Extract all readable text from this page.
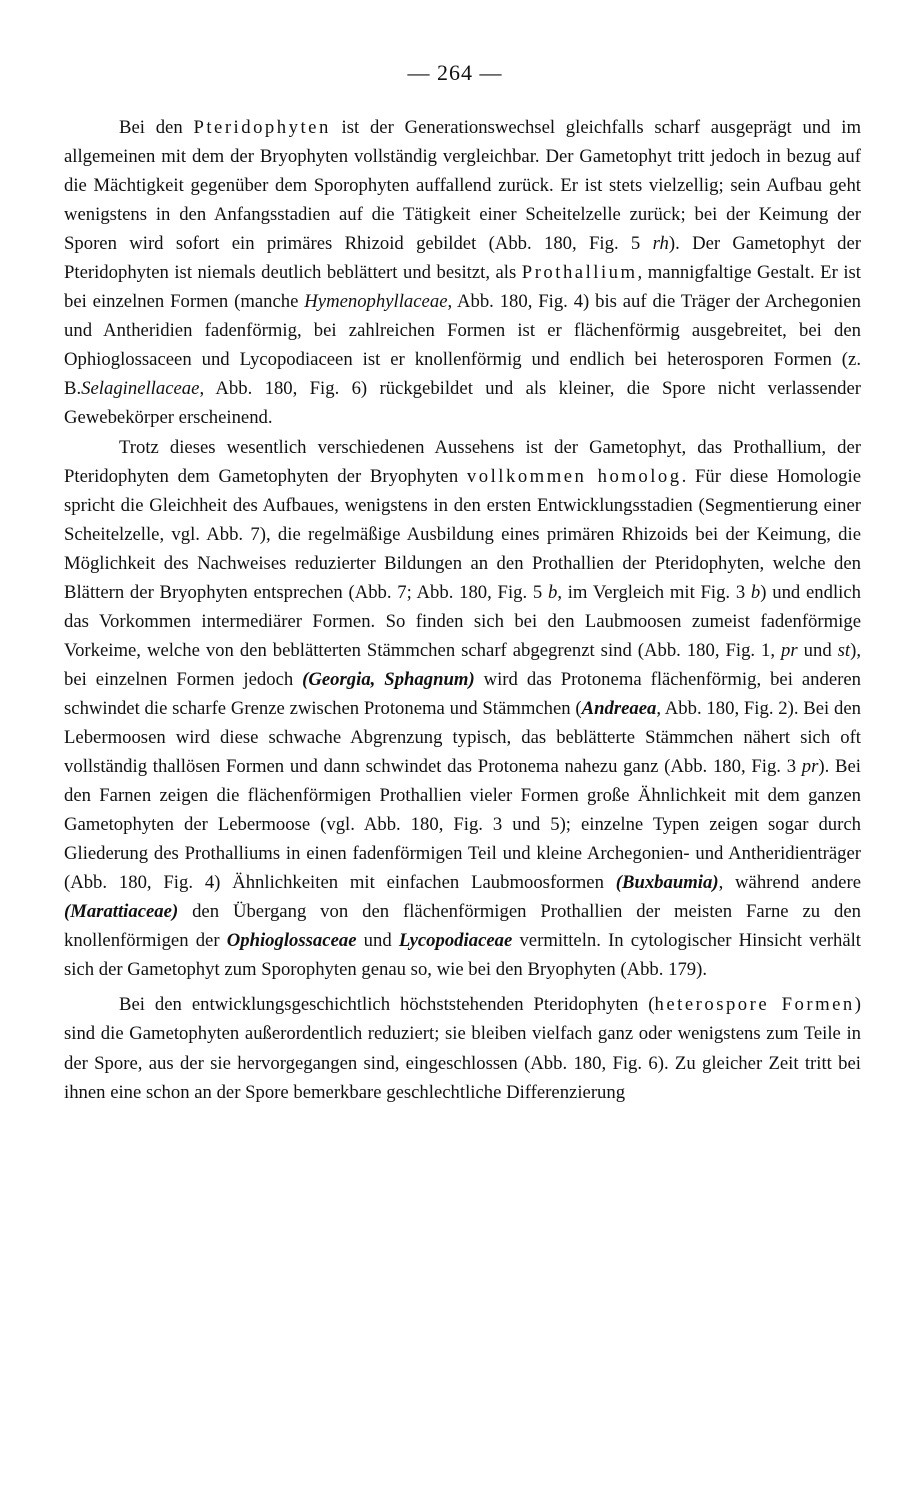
— 264 —

Bei den Pteridophyten ist der Generationswechsel gleichfalls scharf ausgeprägt und im allgemeinen mit dem der Bryophyten vollständig vergleichbar. Der Gametophyt tritt jedoch in bezug auf die Mächtigkeit gegenüber dem Sporophyten auffallend zurück. Er ist stets vielzellig; sein Aufbau geht wenigstens in den Anfangsstadien auf die Tätigkeit einer Scheitelzelle zurück; bei der Keimung der Sporen wird sofort ein primäres Rhizoid gebildet (Abb. 180, Fig. 5 rh). Der Gametophyt der Pteridophyten ist niemals deutlich beblättert und besitzt, als Prothallium, mannigfaltige Gestalt. Er ist bei einzelnen Formen (manche Hymenophyllaceae, Abb. 180, Fig. 4) bis auf die Träger der Archegonien und Antheridien fadenförmig, bei zahlreichen Formen ist er flächenförmig ausgebreitet, bei den Ophioglossaceen und Lycopodiaceen ist er knollenförmig und endlich bei heterosporen Formen (z. B.Selaginellaceae, Abb. 180, Fig. 6) rückgebildet und als kleiner, die Spore nicht verlassender Gewebekörper erscheinend.

Trotz dieses wesentlich verschiedenen Aussehens ist der Gametophyt, das Prothallium, der Pteridophyten dem Gametophyten der Bryophyten vollkommen homolog. Für diese Homologie spricht die Gleichheit des Aufbaues, wenigstens in den ersten Entwicklungsstadien (Segmentierung einer Scheitelzelle, vgl. Abb. 7), die regelmäßige Ausbildung eines primären Rhizoids bei der Keimung, die Möglichkeit des Nachweises reduzierter Bildungen an den Prothallien der Pteridophyten, welche den Blättern der Bryophyten entsprechen (Abb. 7; Abb. 180, Fig. 5 b, im Vergleich mit Fig. 3 b) und endlich das Vorkommen intermediärer Formen. So finden sich bei den Laubmoosen zumeist fadenförmige Vorkeime, welche von den beblätterten Stämmchen scharf abgegrenzt sind (Abb. 180, Fig. 1, pr und st), bei einzelnen Formen jedoch (Georgia, Sphagnum) wird das Protonema flächenförmig, bei anderen schwindet die scharfe Grenze zwischen Protonema und Stämmchen (Andreaea, Abb. 180, Fig. 2). Bei den Lebermoosen wird diese schwache Abgrenzung typisch, das beblätterte Stämmchen nähert sich oft vollständig thallösen Formen und dann schwindet das Protonema nahezu ganz (Abb. 180, Fig. 3 pr). Bei den Farnen zeigen die flächenförmigen Prothallien vieler Formen große Ähnlichkeit mit dem ganzen Gametophyten der Lebermoose (vgl. Abb. 180, Fig. 3 und 5); einzelne Typen zeigen sogar durch Gliederung des Prothalliums in einen fadenförmigen Teil und kleine Archegonien- und Antheridienträger (Abb. 180, Fig. 4) Ähnlichkeiten mit einfachen Laubmoosformen (Buxbaumia), während andere (Marattiaceae) den Übergang von den flächenförmigen Prothallien der meisten Farne zu den knollenförmigen der Ophioglossaceae und Lycopodiaceae vermitteln. In cytologischer Hinsicht verhält sich der Gametophyt zum Sporophyten genau so, wie bei den Bryophyten (Abb. 179).

Bei den entwicklungsgeschichtlich höchststehenden Pteridophyten (heterospore Formen) sind die Gametophyten außerordentlich reduziert; sie bleiben vielfach ganz oder wenigstens zum Teile in der Spore, aus der sie hervorgegangen sind, eingeschlossen (Abb. 180, Fig. 6). Zu gleicher Zeit tritt bei ihnen eine schon an der Spore bemerkbare geschlechtliche Differenzierung
